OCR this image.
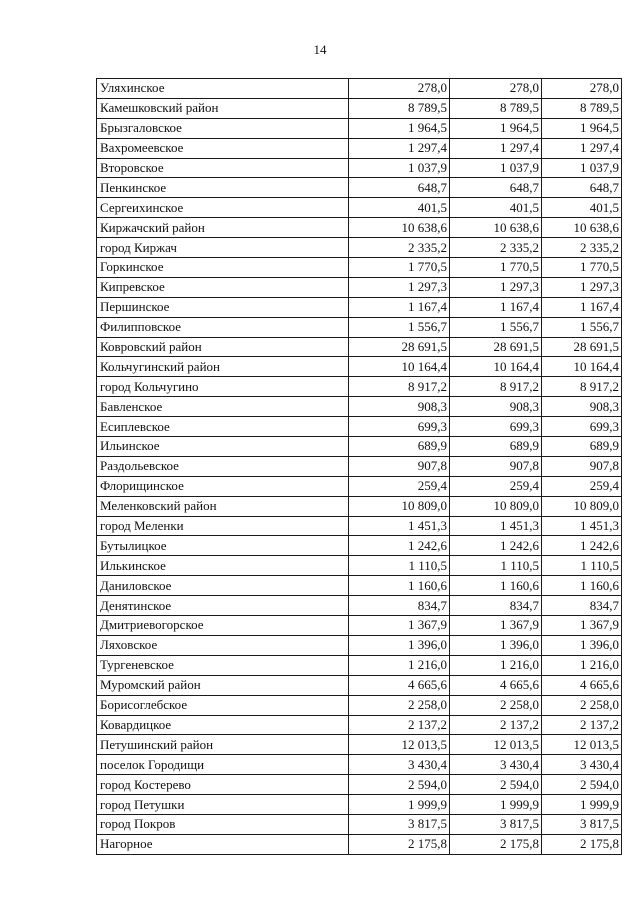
14
Уляхинское	278,0	278,0	278,0
Камешковский район	8 789,5	8 789,5	8 789,5
Брызгаловское	1 964,5	1 964,5	1 964,5
Вахромеевское	1 297,4	1 297,4	1 297,4
Второвское	1 037,9	1 037,9	1 037,9
Пенкинское	648,7	648,7	648,7
Сергеихинское	401,5	401,5	401,5
Киржачский район	10 638,6	10 638,6	10 638,6
город Киржач	2 335,2	2 335,2	2 335,2
Горкинское	1 770,5	1 770,5	1 770,5
Кипревское	1 297,3	1 297,3	1 297,3
Першинское	1 167,4	1 167,4	1 167,4
Филипповское	1 556,7	1 556,7	1 556,7
Ковровский район	28 691,5	28 691,5	28 691,5
Кольчугинский район	10 164,4	10 164,4	10 164,4
город Кольчугино	8 917,2	8 917,2	8 917,2
Бавленское	908,3	908,3	908,3
Есиплевское	699,3	699,3	699,3
Ильинское	689,9	689,9	689,9
Раздольевское	907,8	907,8	907,8
Флорищинское	259,4	259,4	259,4
Меленковский район	10 809,0	10 809,0	10 809,0
город Меленки	1 451,3	1 451,3	1 451,3
Бутылицкое	1 242,6	1 242,6	1 242,6
Илькинское	1 110,5	1 110,5	1 110,5
Даниловское	1 160,6	1 160,6	1 160,6
Денятинское	834,7	834,7	834,7
Дмитриевогорское	1 367,9	1 367,9	1 367,9
Ляховское	1 396,0	1 396,0	1 396,0
Тургеневское	1 216,0	1 216,0	1 216,0
Муромский район	4 665,6	4 665,6	4 665,6
Борисоглебское	2 258,0	2 258,0	2 258,0
Ковардицкое	2 137,2	2 137,2	2 137,2
Петушинский район	12 013,5	12 013,5	12 013,5
поселок Городищи	3 430,4	3 430,4	3 430,4
город Костерево	2 594,0	2 594,0	2 594,0
город Петушки	1 999,9	1 999,9	1 999,9
город Покров	3 817,5	3 817,5	3 817,5
Нагорное	2 175,8	2 175,8	2 175,8
